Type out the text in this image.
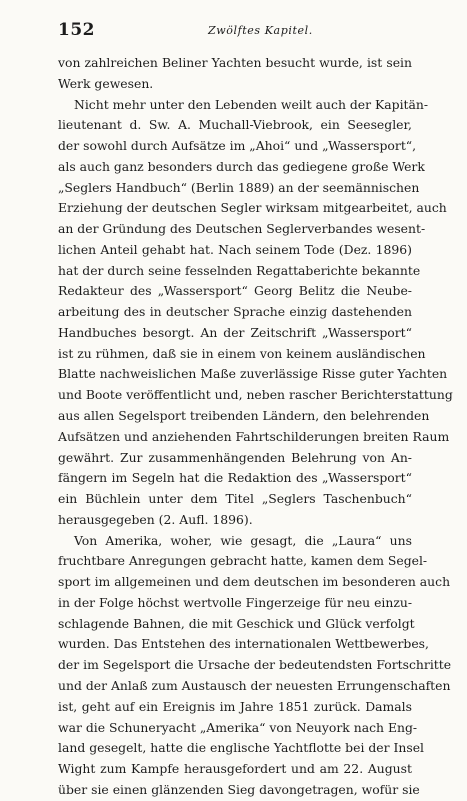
152	Zwölftes Kapitel.
von zahlreichen Beliner Yachten besucht wurde, ist sein
Werk gewesen.
Nicht mehr unter den Lebenden weilt auch der Kapitän-
lieutenant d. Sw. A. Muchall-Viebrook, ein Seesegler,
der sowohl durch Aufsätze im „Ahoi“ und „Wassersport“,
als auch ganz besonders durch das gediegene große Werk
„Seglers Handbuch“ (Berlin 1889) an der seemännischen
Erziehung der deutschen Segler wirksam mitgearbeitet, auch
an der Gründung des Deutschen Seglerverbandes wesent-
lichen Anteil gehabt hat. Nach seinem Tode (Dez. 1896)
hat der durch seine fesselnden Regattaberichte bekannte
Redakteur des „Wassersport“ Georg Belitz die Neube-
arbeitung des in deutscher Sprache einzig dastehenden
Handbuches besorgt. An der Zeitschrift „Wassersport“
ist zu rühmen, daß sie in einem von keinem ausländischen
Blatte nachweislichen Maße zuverlässige Risse guter Yachten
und Boote veröffentlicht und, neben rascher Berichterstattung
aus allen Segelsport treibenden Ländern, den belehrenden
Aufsätzen und anziehenden Fahrtschilderungen breiten Raum
gewährt. Zur zusammenhängenden Belehrung von An-
fängern im Segeln hat die Redaktion des „Wassersport“
ein Büchlein unter dem Titel „Seglers Taschenbuch“
herausgegeben (2. Aufl. 1896).
Von Amerika, woher, wie gesagt, die „Laura“ uns
fruchtbare Anregungen gebracht hatte, kamen dem Segel-
sport im allgemeinen und dem deutschen im besonderen auch
in der Folge höchst wertvolle Fingerzeige für neu einzu-
schlagende Bahnen, die mit Geschick und Glück verfolgt
wurden. Das Entstehen des internationalen Wettbewerbes,
der im Segelsport die Ursache der bedeutendsten Fortschritte
und der Anlaß zum Austausch der neuesten Errungenschaften
ist, geht auf ein Ereignis im Jahre 1851 zurück. Damals
war die Schuneryacht „Amerika“ von Neuyork nach Eng-
land gesegelt, hatte die englische Yachtflotte bei der Insel
Wight zum Kampfe herausgefordert und am 22. August
über sie einen glänzenden Sieg davongetragen, wofür sie
